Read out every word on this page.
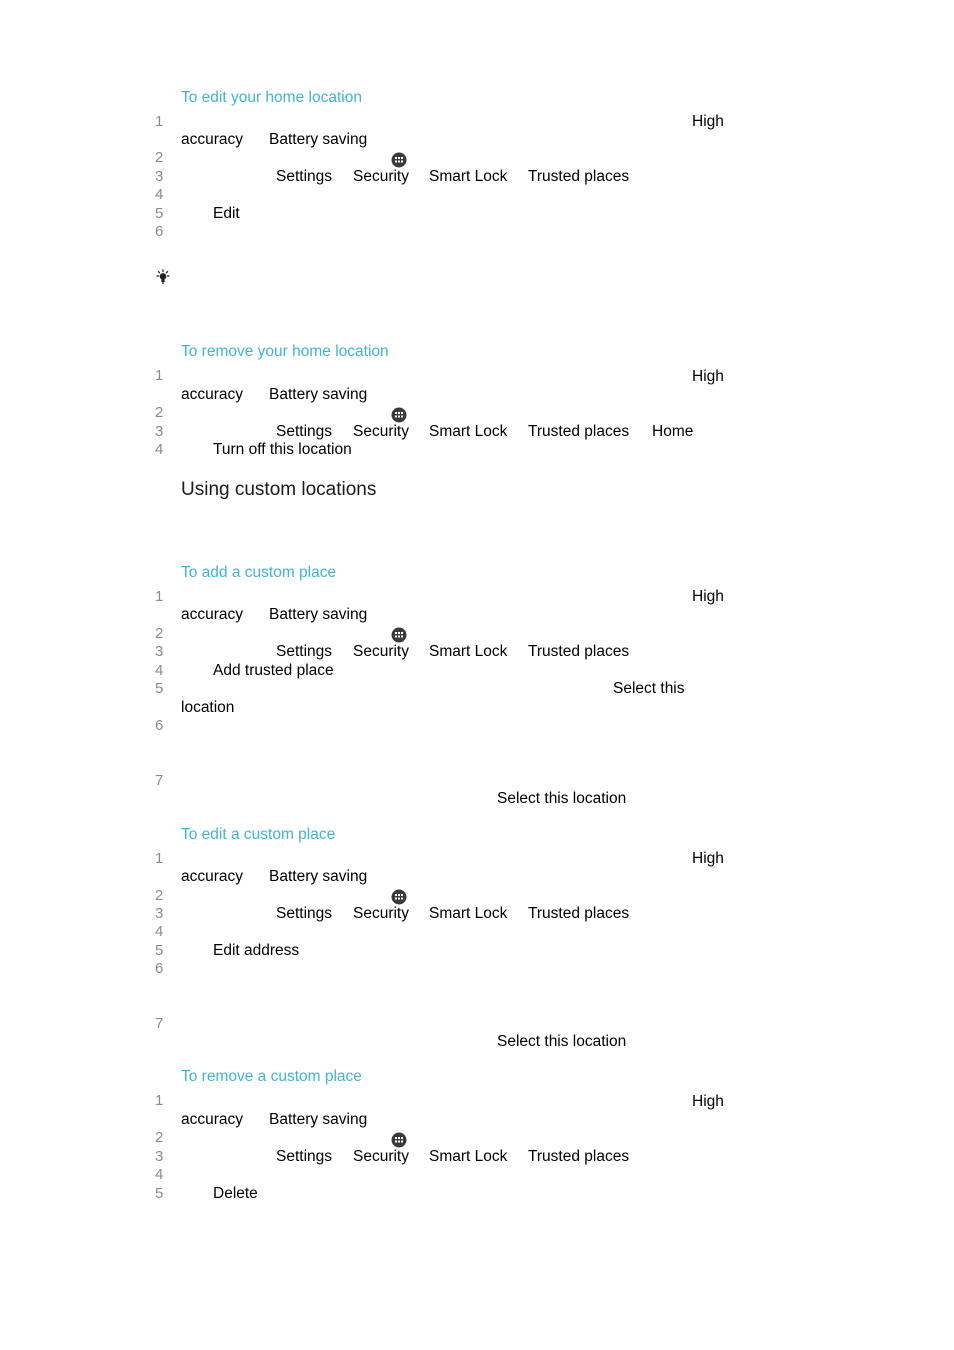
To edit your home location
1	High
accuracy Battery saving
2
3	Settings Security Smart Lock Trusted places
4
5	Edit
6
To remove your home location
1	High
accuracy Battery saving
2
3	Settings Security Smart Lock Trusted places Home
4	Turn off this location
Using custom locations
To add a custom place
1	High
accuracy Battery saving
2
3	Settings Security Smart Lock Trusted places
4	Add trusted place
5	Select this
location
6
7
Select this location
To edit a custom place
1	High
accuracy Battery saving
2
3	Settings Security Smart Lock Trusted places
4
5	Edit address
6
7
Select this location
To remove a custom place
1	High
accuracy Battery saving
2
3	Settings Security Smart Lock Trusted places
4
5	Delete
